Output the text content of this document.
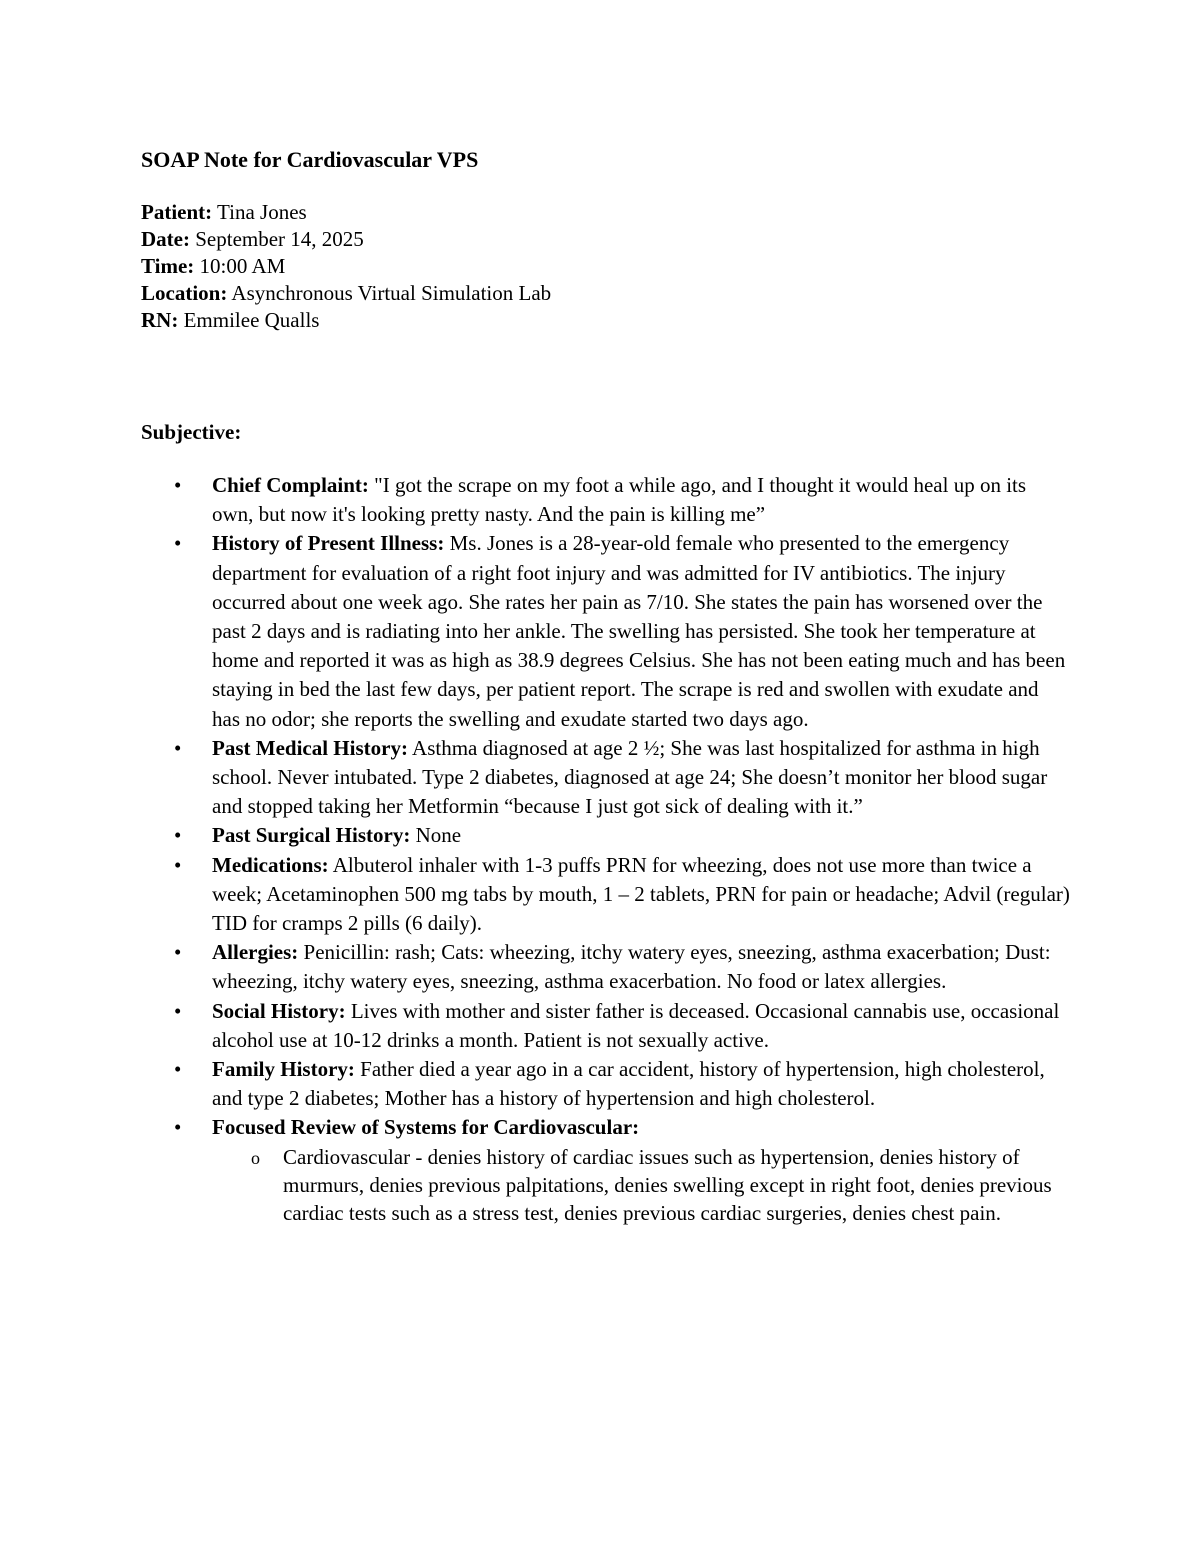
SOAP Note for Cardiovascular VPS
Patient: Tina Jones
Date: September 14, 2025
Time: 10:00 AM
Location: Asynchronous Virtual Simulation Lab
RN: Emmilee Qualls
Subjective:
• Chief Complaint: "I got the scrape on my foot a while ago, and I thought it would heal up on its own, but now it's looking pretty nasty. And the pain is killing me”
• History of Present Illness: Ms. Jones is a 28-year-old female who presented to the emergency department for evaluation of a right foot injury and was admitted for IV antibiotics. The injury occurred about one week ago. She rates her pain as 7/10. She states the pain has worsened over the past 2 days and is radiating into her ankle. The swelling has persisted. She took her temperature at home and reported it was as high as 38.9 degrees Celsius. She has not been eating much and has been staying in bed the last few days, per patient report. The scrape is red and swollen with exudate and has no odor; she reports the swelling and exudate started two days ago.
• Past Medical History: Asthma diagnosed at age 2 ½; She was last hospitalized for asthma in high school. Never intubated. Type 2 diabetes, diagnosed at age 24; She doesn’t monitor her blood sugar and stopped taking her Metformin “because I just got sick of dealing with it.”
• Past Surgical History: None
• Medications: Albuterol inhaler with 1-3 puffs PRN for wheezing, does not use more than twice a week; Acetaminophen 500 mg tabs by mouth, 1 – 2 tablets, PRN for pain or headache; Advil (regular) TID for cramps 2 pills (6 daily).
• Allergies: Penicillin: rash; Cats: wheezing, itchy watery eyes, sneezing, asthma exacerbation; Dust: wheezing, itchy watery eyes, sneezing, asthma exacerbation. No food or latex allergies.
• Social History: Lives with mother and sister father is deceased. Occasional cannabis use, occasional alcohol use at 10-12 drinks a month. Patient is not sexually active.
• Family History: Father died a year ago in a car accident, history of hypertension, high cholesterol, and type 2 diabetes; Mother has a history of hypertension and high cholesterol.
• Focused Review of Systems for Cardiovascular:
o Cardiovascular - denies history of cardiac issues such as hypertension, denies history of murmurs, denies previous palpitations, denies swelling except in right foot, denies previous cardiac tests such as a stress test, denies previous cardiac surgeries, denies chest pain.
